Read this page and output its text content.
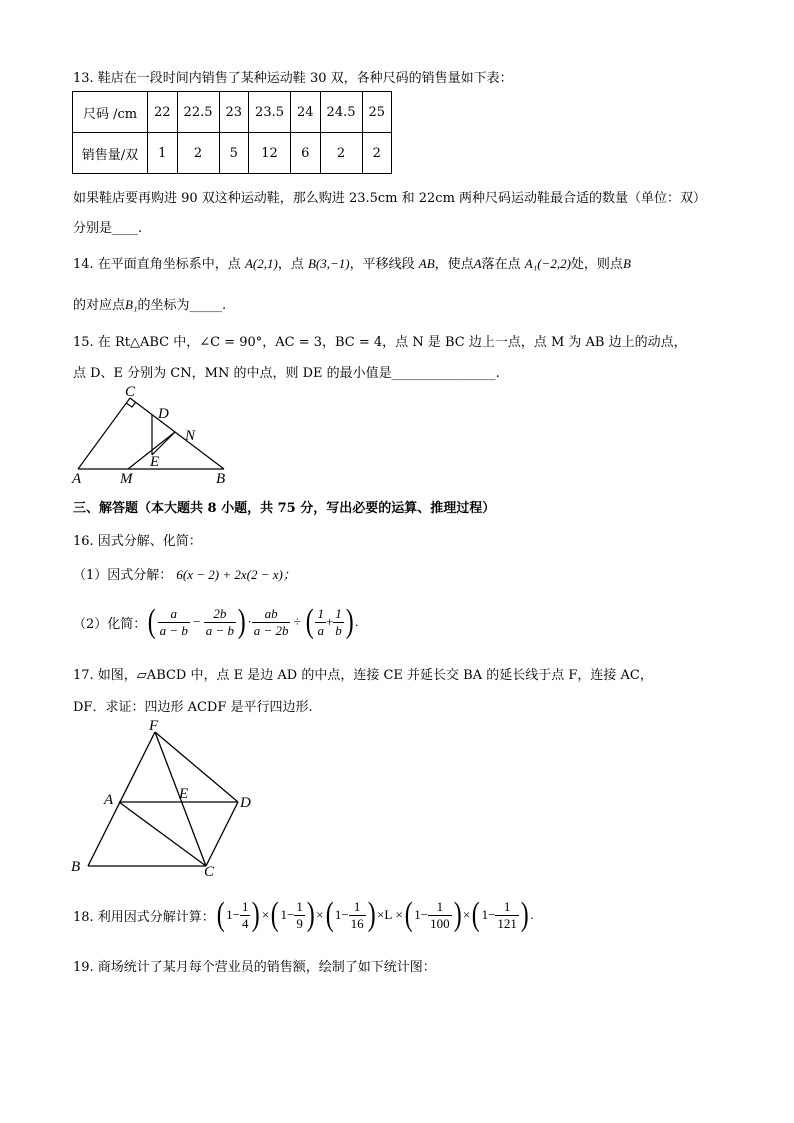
13. 鞋店在一段时间内销售了某种运动鞋 30 双，各种尺码的销售量如下表：
尺码 /cm	22	22.5	23	23.5	24	24.5	25
销售量/双	1	2	5	12	6	2	2
如果鞋店要再购进 90 双这种运动鞋，那么购进 23.5cm 和 22cm 两种尺码运动鞋最合适的数量（单位：双）
分别是____.
14. 在平面直角坐标系中，点 A(2,1)，点 B(3,−1)，平移线段 AB，使点A落在点 A₁(−2,2)处，则点B
的对应点B₁的坐标为_____.
15. 在 Rt△ABC 中，∠C = 90°，AC = 3，BC = 4，点 N 是 BC 边上一点，点 M 为 AB 边上的动点，
点 D、E 分别为 CN，MN 的中点，则 DE 的最小值是________________.
C
D
N
E
A	M	B
三、解答题（本大题共 8 小题，共 75 分，写出必要的运算、推理过程）
16. 因式分解、化简：
（1）因式分解： 6(x − 2) + 2x(2 − x)；
（2）化简： ( $\frac{a}{a - b} - \frac{2b}{a - b}$ ) · $\frac{ab}{a - 2b}$ ÷ ( $\frac{1}{a} + \frac{1}{b}$ ) .
17. 如图，▱ABCD 中，点 E 是边 AD 的中点，连接 CE 并延长交 BA 的延长线于点 F，连接 AC，
DF．求证：四边形 ACDF 是平行四边形.
F
A	E
D
B	C
18. 利用因式分解计算： ( $1- \frac{1}{4}$ ) × ( $1- \frac{1}{9}$ ) × ( $1- \frac{1}{16}$ ) × L × ( $1- \frac{1}{100}$ ) × ( $1- \frac{1}{121}$ ) .
19. 商场统计了某月每个营业员的销售额，绘制了如下统计图：
